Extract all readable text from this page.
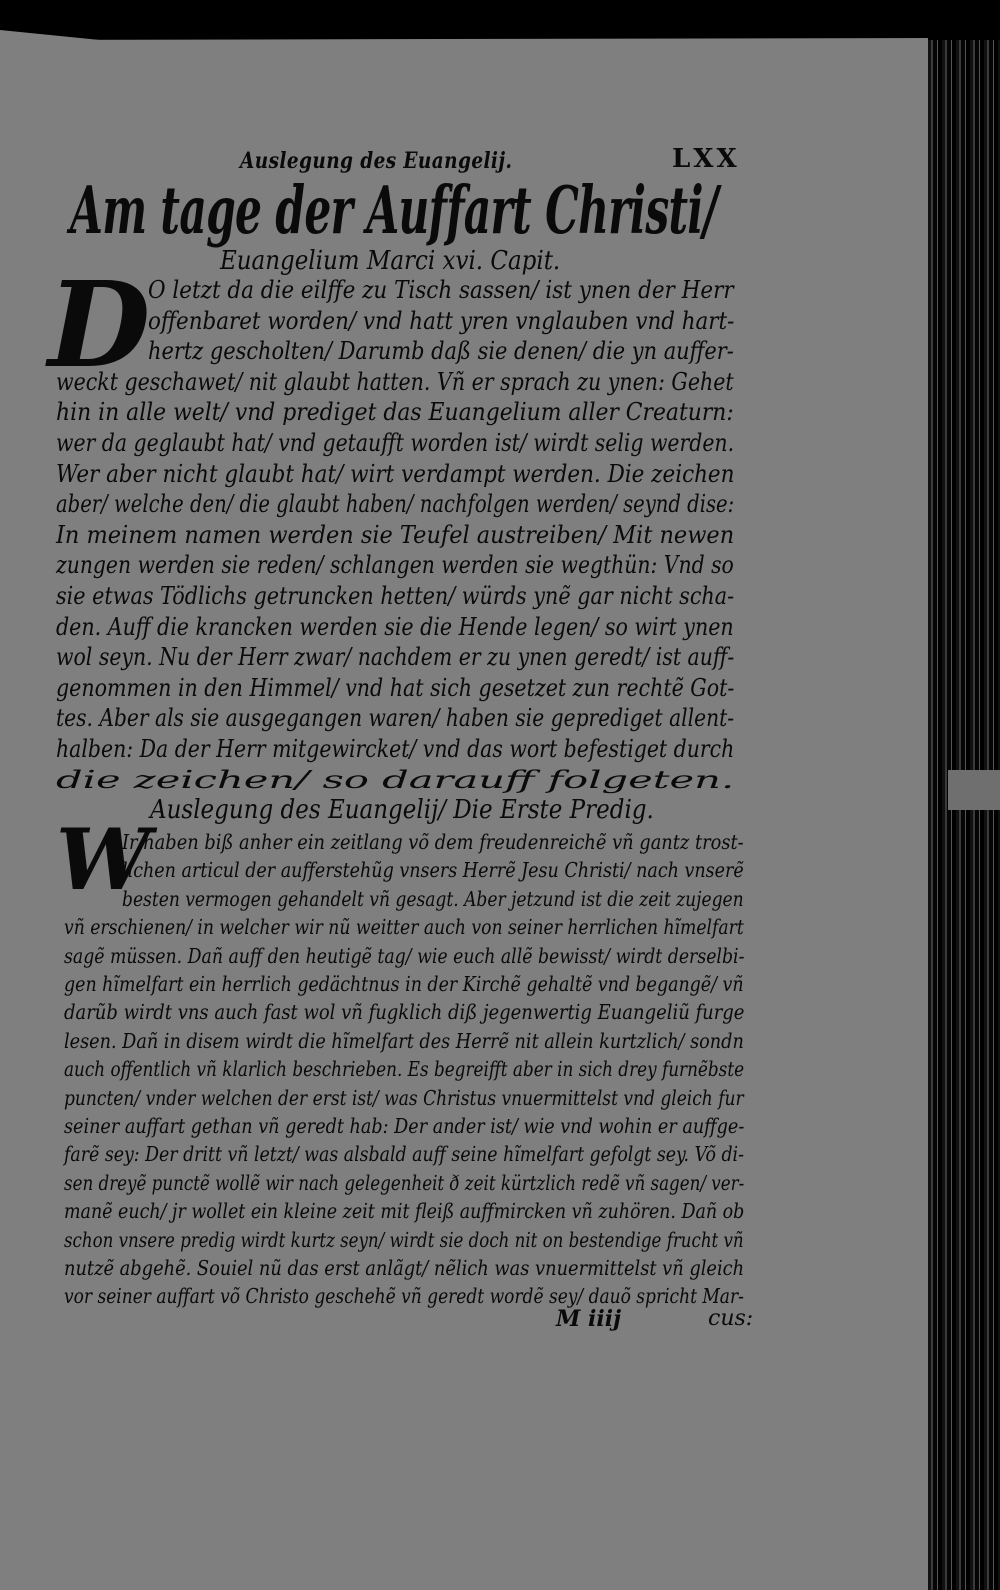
Auslegung des Euangelij.	LXX
Am tage der Auffart Christi/
Euangelium Marci xvi. Capit.
D
O letzt da die eilffe zu Tisch sassen/ ist ynen der Herr
offenbaret worden/ vnd hatt yren vnglauben vnd hart-
hertz gescholten/ Darumb daß sie denen/ die yn auffer-
weckt geschawet/ nit glaubt hatten. Vñ er sprach zu ynen: Gehet
hin in alle welt/ vnd prediget das Euangelium aller Creaturn:
wer da geglaubt hat/ vnd getaufft worden ist/ wirdt selig werden.
Wer aber nicht glaubt hat/ wirt verdampt werden. Die zeichen
aber/ welche den/ die glaubt haben/ nachfolgen werden/ seynd dise:
In meinem namen werden sie Teufel austreiben/ Mit newen
zungen werden sie reden/ schlangen werden sie wegthün: Vnd so
sie etwas Tödlichs getruncken hetten/ würds ynẽ gar nicht scha-
den. Auff die krancken werden sie die Hende legen/ so wirt ynen
wol seyn. Nu der Herr zwar/ nachdem er zu ynen geredt/ ist auff-
genommen in den Himmel/ vnd hat sich gesetzet zun rechtẽ Got-
tes. Aber als sie ausgegangen waren/ haben sie geprediget allent-
halben: Da der Herr mitgewircket/ vnd das wort befestiget durch
die zeichen/ so darauff folgeten.
Auslegung des Euangelij/ Die Erste Predig.
W
Ir haben biß anher ein zeitlang võ dem freudenreichẽ vñ gantz trost-
lichen articul der aufferstehũg vnsers Herrẽ Jesu Christi/ nach vnserẽ
besten vermogen gehandelt vñ gesagt. Aber jetzund ist die zeit zujegen
vñ erschienen/ in welcher wir nũ weitter auch von seiner herrlichen hĩmelfart
sagẽ müssen. Dañ auff den heutigẽ tag/ wie euch allẽ bewisst/ wirdt derselbi-
gen hĩmelfart ein herrlich gedächtnus in der Kirchẽ gehaltẽ vnd begangẽ/ vñ
darũb wirdt vns auch fast wol vñ fugklich diß jegenwertig Euangeliũ furge
lesen. Dañ in disem wirdt die hĩmelfart des Herrẽ nit allein kurtzlich/ sondn
auch offentlich vñ klarlich beschrieben. Es begreifft aber in sich drey furnẽbste
puncten/ vnder welchen der erst ist/ was Christus vnuermittelst vnd gleich fur
seiner auffart gethan vñ geredt hab: Der ander ist/ wie vnd wohin er auffge-
farẽ sey: Der dritt vñ letzt/ was alsbald auff seine hĩmelfart gefolgt sey. Võ di-
sen dreyẽ punctẽ wollẽ wir nach gelegenheit ð zeit kürtzlich redẽ vñ sagen/ ver-
manẽ euch/ jr wollet ein kleine zeit mit fleiß auffmircken vñ zuhören. Dañ ob
schon vnsere predig wirdt kurtz seyn/ wirdt sie doch nit on bestendige frucht vñ
nutzẽ abgehẽ. Souiel nũ das erst anlãgt/ nẽlich was vnuermittelst vñ gleich
vor seiner auffart võ Christo geschehẽ vñ geredt wordẽ sey/ dauõ spricht Mar-
M iiij	cus:
